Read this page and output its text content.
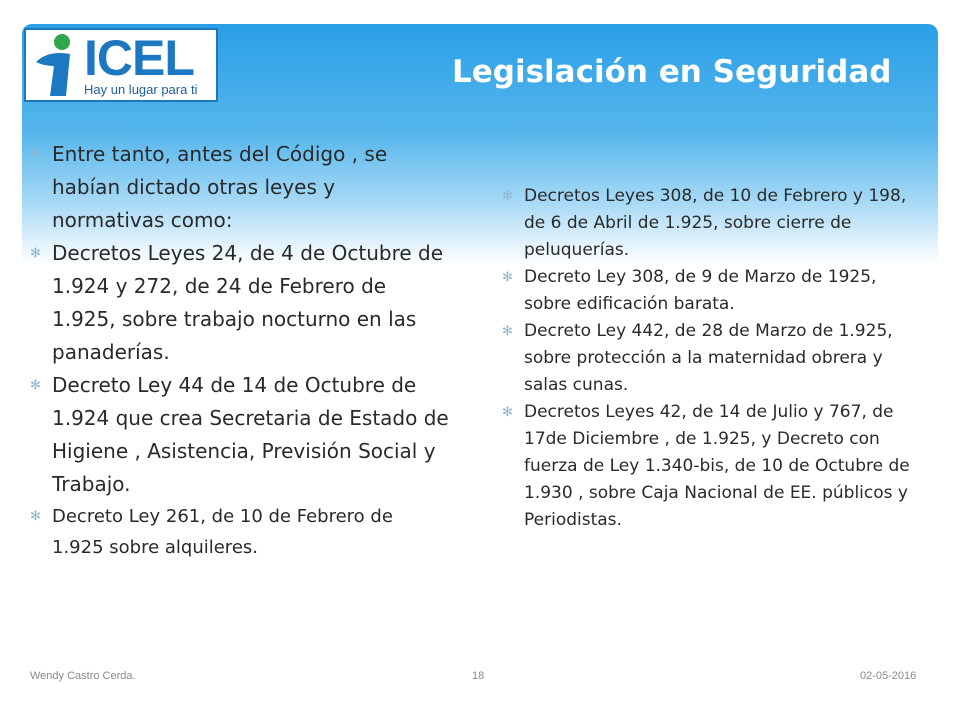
ICEL
Hay un lugar para ti	Legislación en Seguridad
✻ Entre tanto, antes del Código , se habían dictado otras leyes y normativas como:
✻ Decretos Leyes 24, de 4 de Octubre de 1.924 y 272, de 24 de Febrero de 1.925, sobre trabajo nocturno en las panaderías.
✻ Decreto Ley 44 de 14 de Octubre de 1.924 que crea Secretaria de Estado de Higiene , Asistencia, Previsión Social y Trabajo.
✻ Decreto Ley 261, de 10 de Febrero de 1.925 sobre alquileres.
✻ Decretos Leyes 308, de 10 de Febrero y 198, de 6 de Abril de 1.925, sobre cierre de peluquerías.
✻ Decreto Ley 308, de 9 de Marzo de 1925, sobre edificación barata.
✻ Decreto Ley 442, de 28 de Marzo de 1.925, sobre protección a la maternidad obrera y salas cunas.
✻ Decretos Leyes 42, de 14 de Julio y 767, de 17de Diciembre , de 1.925, y Decreto con fuerza de Ley 1.340-bis, de 10 de Octubre de 1.930 , sobre Caja Nacional de EE. públicos y Periodistas.
Wendy Castro Cerda.	18	02-05-2016
